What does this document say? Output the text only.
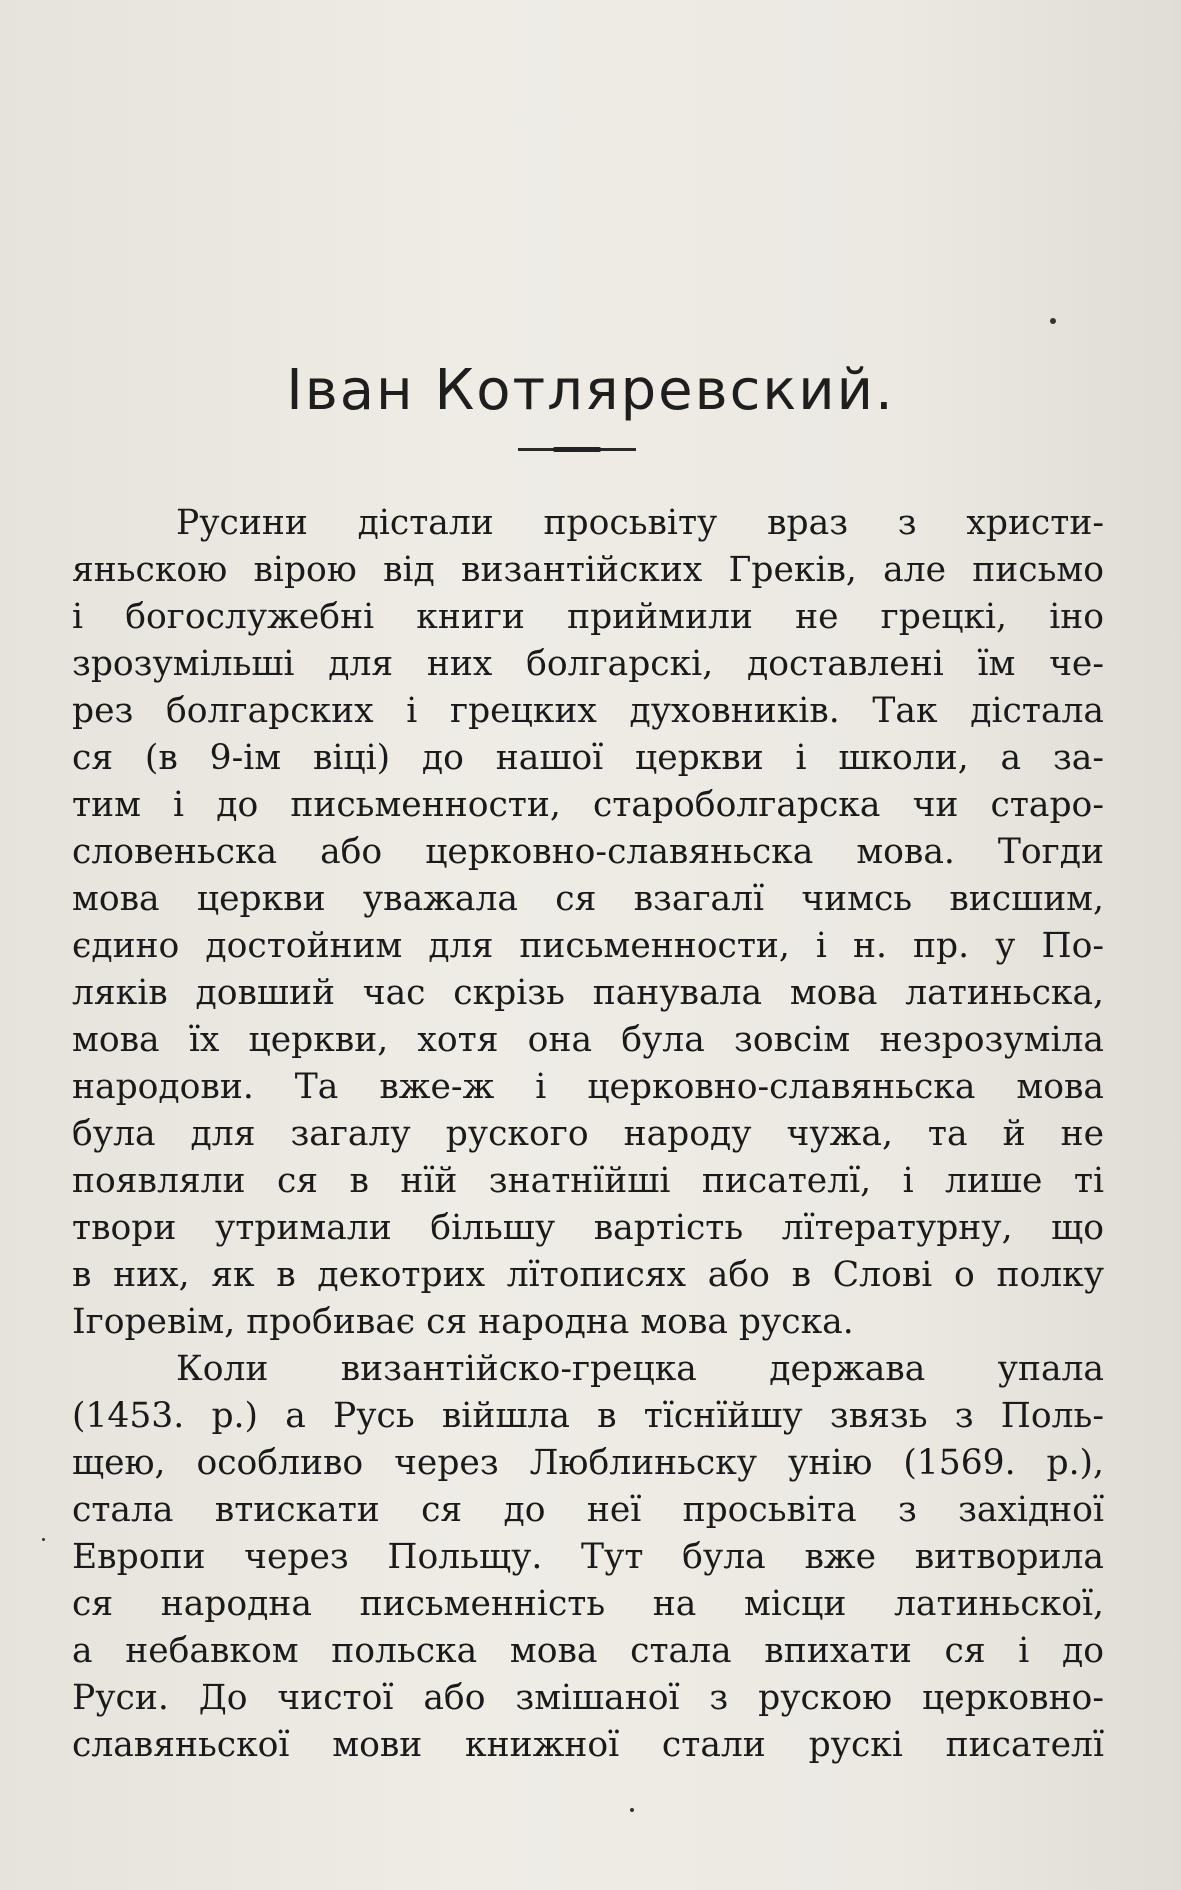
Іван Котляревский.
Русини дістали просьвіту враз з христи-
яньскою вірою від византійских Греків, але письмо
і богослужебні книги приймили не грецкі, іно
зрозумільші для них болгарскі, доставлені їм че-
рез болгарских і грецких духовників. Так дістала
ся (в 9-ім віці) до нашої церкви і школи, а за-
тим і до письменности, староболгарска чи старо-
словеньска або церковно-славяньска мова. Тогди
мова церкви уважала ся взагалї чимсь висшим,
єдино достойним для письменности, і н. пр. у По-
ляків довший час скрізь панувала мова латиньска,
мова їх церкви, хотя она була зовсім незрозуміла
народови. Та вже-ж і церковно-славяньска мова
була для загалу руского народу чужа, та й не
появляли ся в нїй знатнїйші писателї, і лише ті
твори утримали більшу вартість лїтературну, що
в них, як в декотрих лїтописях або в Слові о полку
Ігоревім, пробиває ся народна мова руска.
Коли византійско-грецка держава упала
(1453. р.) а Русь війшла в тїснїйшу звязь з Поль-
щею, особливо через Люблиньску унію (1569. р.),
стала втискати ся до неї просьвіта з західної
Европи через Польщу. Тут була вже витворила
ся народна письменність на місци латиньскої,
а небавком польска мова стала впихати ся і до
Руси. До чистої або змішаної з рускою церковно-
славяньскої мови книжної стали рускі писателї
